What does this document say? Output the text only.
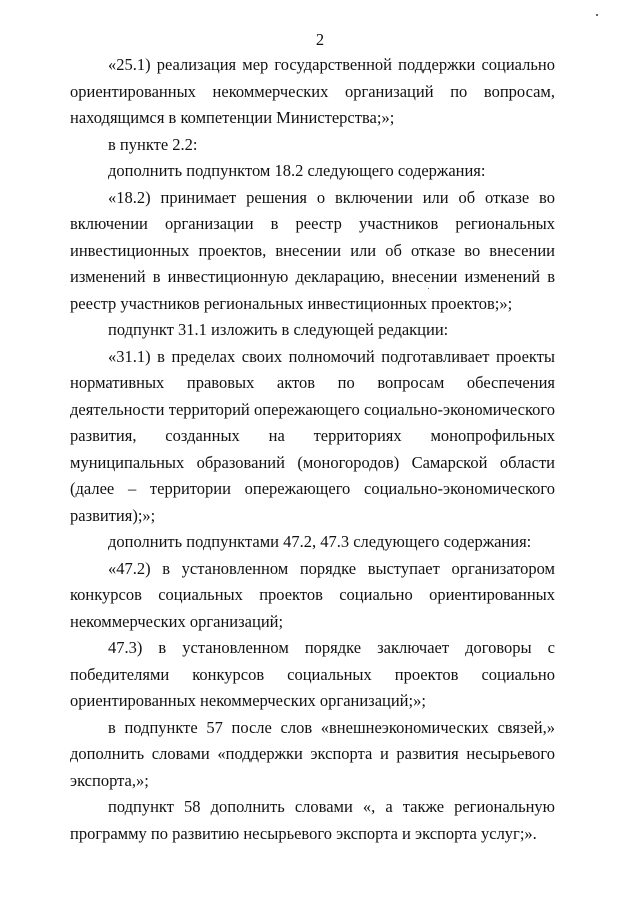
2

«25.1) реализация мер государственной поддержки социально ориентированных некоммерческих организаций по вопросам, находящимся в компетенции Министерства;»;

в пункте 2.2:

дополнить подпунктом 18.2 следующего содержания:

«18.2) принимает решения о включении или об отказе во включении организации в реестр участников региональных инвестиционных проектов, внесении или об отказе во внесении изменений в инвестиционную декларацию, внесении изменений в реестр участников региональных инвестиционных проектов;»;

подпункт 31.1 изложить в следующей редакции:

«31.1) в пределах своих полномочий подготавливает проекты нормативных правовых актов по вопросам обеспечения деятельности территорий опережающего социально-экономического развития, созданных на территориях монопрофильных муниципальных образований (моногородов) Самарской области (далее – территории опережающего социально-экономического развития);»;

дополнить подпунктами 47.2, 47.3 следующего содержания:

«47.2) в установленном порядке выступает организатором конкурсов социальных проектов социально ориентированных некоммерческих организаций;

47.3) в установленном порядке заключает договоры с победителями конкурсов социальных проектов социально ориентированных некоммерческих организаций;»;

в подпункте 57 после слов «внешнеэкономических связей,» дополнить словами «поддержки экспорта и развития несырьевого экспорта,»;

подпункт 58 дополнить словами «, а также региональную программу по развитию несырьевого экспорта и экспорта услуг;».
